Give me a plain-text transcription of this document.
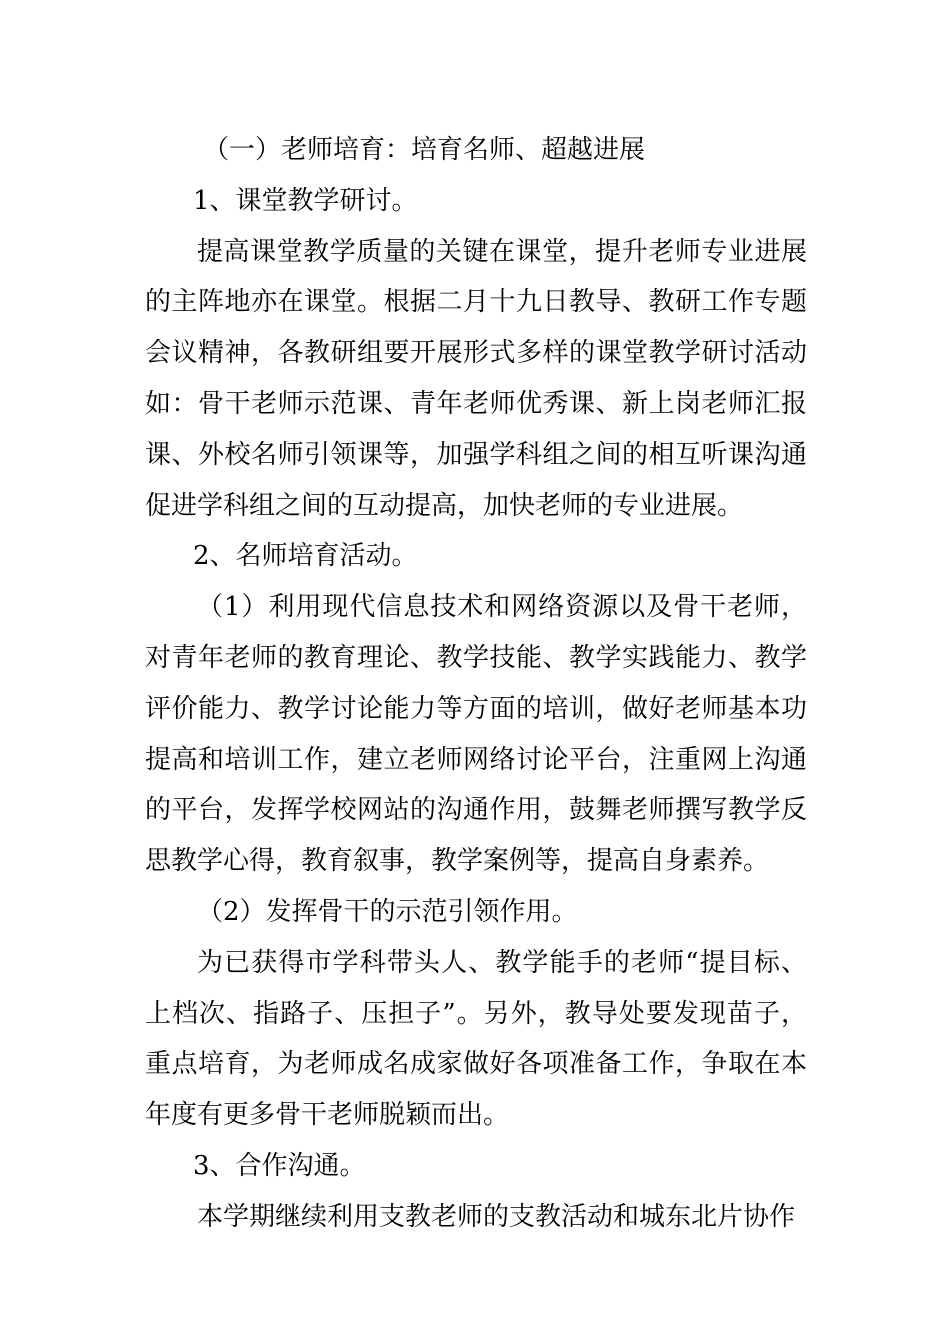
（一）老师培育：培育名师、超越进展

1、课堂教学研讨。

提高课堂教学质量的关键在课堂，提升老师专业进展的主阵地亦在课堂。根据二月十九日教导、教研工作专题会议精神，各教研组要开展形式多样的课堂教学研讨活动如：骨干老师示范课、青年老师优秀课、新上岗老师汇报课、外校名师引领课等，加强学科组之间的相互听课沟通促进学科组之间的互动提高，加快老师的专业进展。

2、名师培育活动。

（1）利用现代信息技术和网络资源以及骨干老师，对青年老师的教育理论、教学技能、教学实践能力、教学评价能力、教学讨论能力等方面的培训，做好老师基本功提高和培训工作，建立老师网络讨论平台，注重网上沟通的平台，发挥学校网站的沟通作用，鼓舞老师撰写教学反思教学心得，教育叙事，教学案例等，提高自身素养。

（2）发挥骨干的示范引领作用。

为已获得市学科带头人、教学能手的老师“提目标、上档次、指路子、压担子”。另外，教导处要发现苗子，重点培育，为老师成名成家做好各项准备工作，争取在本年度有更多骨干老师脱颖而出。

3、合作沟通。

本学期继续利用支教老师的支教活动和城东北片协作
